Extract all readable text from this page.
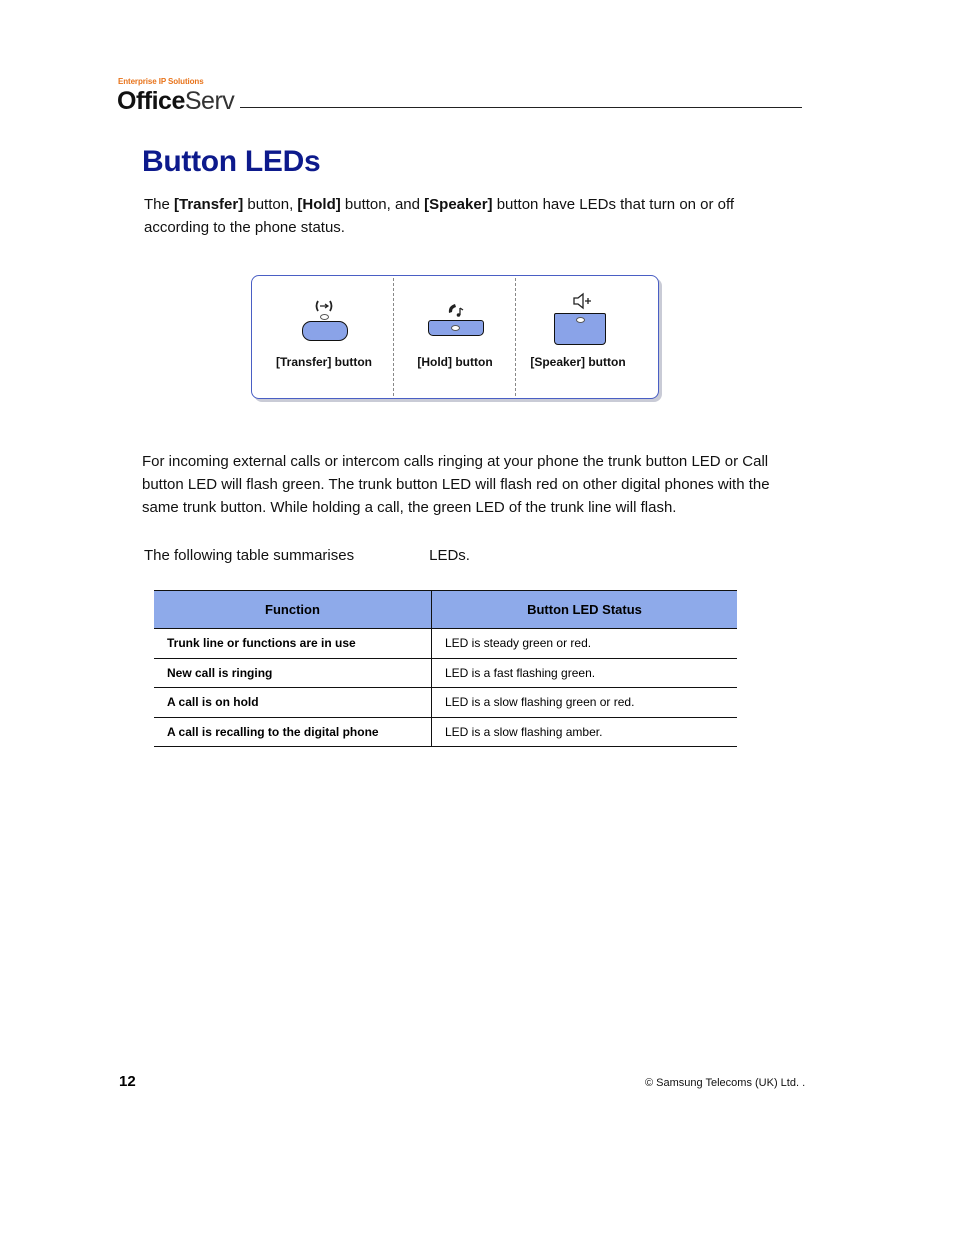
Enterprise IP Solutions
OfficeServ
Button LEDs
The [Transfer] button, [Hold] button, and [Speaker] button have LEDs that turn on or off according to the phone status.
[Transfer] button	[Hold] button	[Speaker] button
For incoming external calls or intercom calls ringing at your phone the trunk button LED or Call button LED will flash green. The trunk button LED will flash red on other digital phones with the same trunk button. While holding a call, the green LED of the trunk line will flash.
The following table summarises                  LEDs.
Function	Button LED Status
Trunk line or functions are in use	LED is steady green or red.
New call is ringing	LED is a fast flashing green.
A call is on hold	LED is a slow flashing green or red.
A call is recalling to the digital phone	LED is a slow flashing amber.
12	© Samsung Telecoms (UK) Ltd. .
